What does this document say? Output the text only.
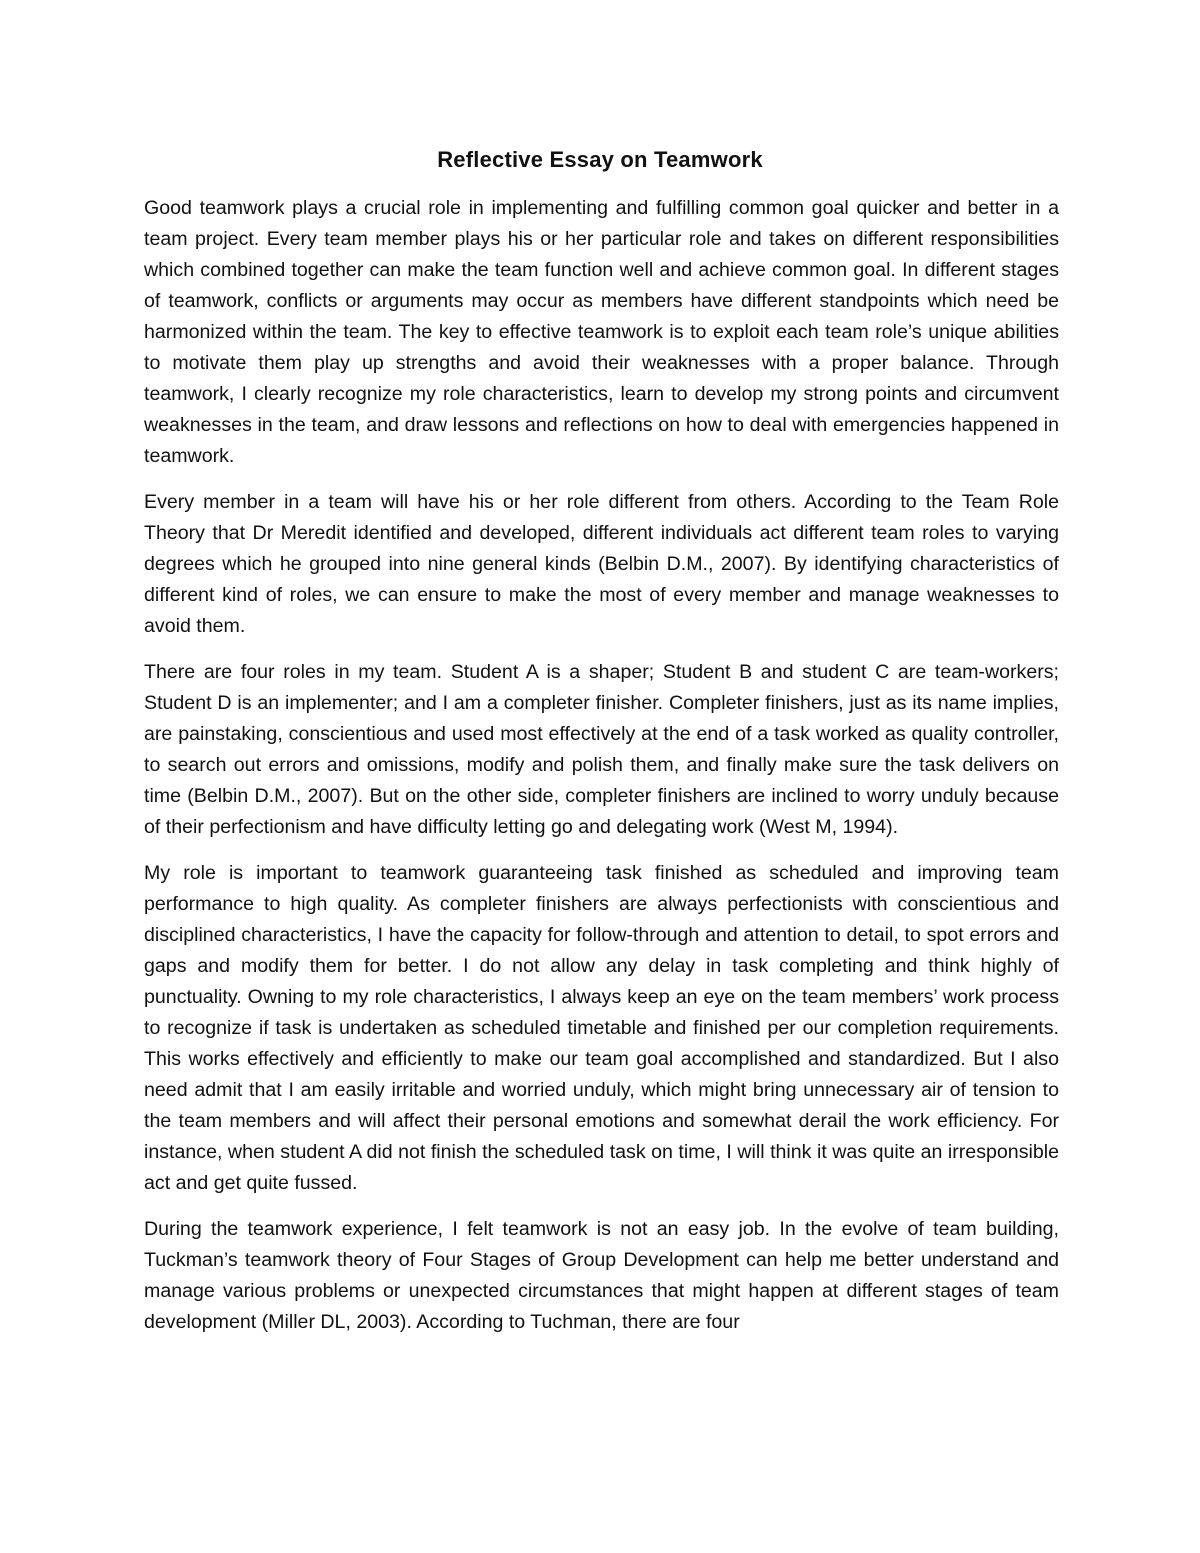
Reflective Essay on Teamwork

Good teamwork plays a crucial role in implementing and fulfilling common goal quicker and better in a team project. Every team member plays his or her particular role and takes on different responsibilities which combined together can make the team function well and achieve common goal. In different stages of teamwork, conflicts or arguments may occur as members have different standpoints which need be harmonized within the team. The key to effective teamwork is to exploit each team role’s unique abilities to motivate them play up strengths and avoid their weaknesses with a proper balance. Through teamwork, I clearly recognize my role characteristics, learn to develop my strong points and circumvent weaknesses in the team, and draw lessons and reflections on how to deal with emergencies happened in teamwork.

Every member in a team will have his or her role different from others. According to the Team Role Theory that Dr Meredit identified and developed, different individuals act different team roles to varying degrees which he grouped into nine general kinds (Belbin D.M., 2007). By identifying characteristics of different kind of roles, we can ensure to make the most of every member and manage weaknesses to avoid them.

There are four roles in my team. Student A is a shaper; Student B and student C are team-workers; Student D is an implementer; and I am a completer finisher. Completer finishers, just as its name implies, are painstaking, conscientious and used most effectively at the end of a task worked as quality controller, to search out errors and omissions, modify and polish them, and finally make sure the task delivers on time (Belbin D.M., 2007). But on the other side, completer finishers are inclined to worry unduly because of their perfectionism and have difficulty letting go and delegating work (West M, 1994).

My role is important to teamwork guaranteeing task finished as scheduled and improving team performance to high quality. As completer finishers are always perfectionists with conscientious and disciplined characteristics, I have the capacity for follow-through and attention to detail, to spot errors and gaps and modify them for better. I do not allow any delay in task completing and think highly of punctuality. Owning to my role characteristics, I always keep an eye on the team members’ work process to recognize if task is undertaken as scheduled timetable and finished per our completion requirements. This works effectively and efficiently to make our team goal accomplished and standardized. But I also need admit that I am easily irritable and worried unduly, which might bring unnecessary air of tension to the team members and will affect their personal emotions and somewhat derail the work efficiency. For instance, when student A did not finish the scheduled task on time, I will think it was quite an irresponsible act and get quite fussed.

During the teamwork experience, I felt teamwork is not an easy job. In the evolve of team building, Tuckman’s teamwork theory of Four Stages of Group Development can help me better understand and manage various problems or unexpected circumstances that might happen at different stages of team development (Miller DL, 2003). According to Tuchman, there are four
